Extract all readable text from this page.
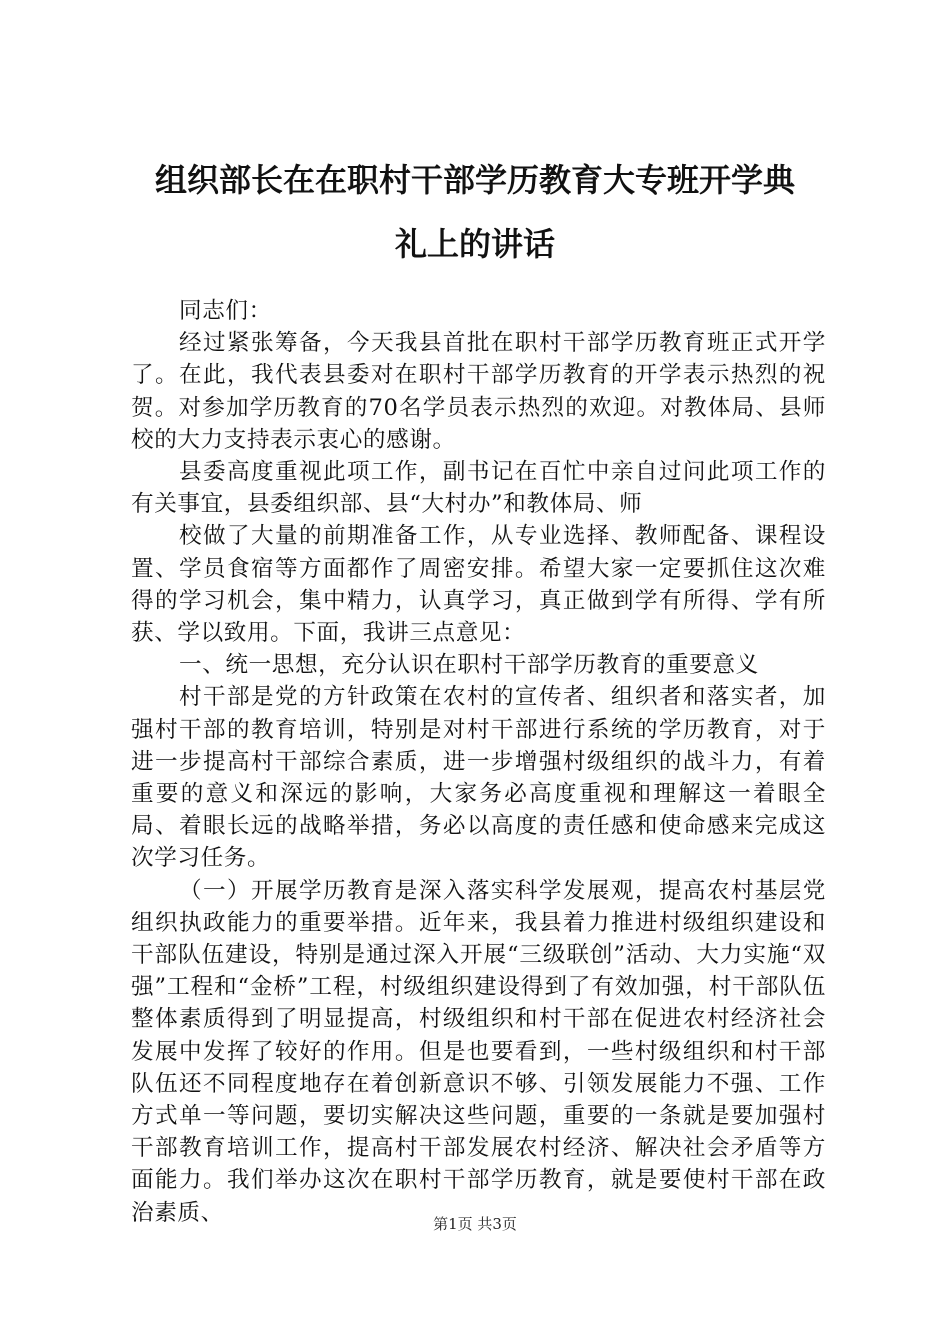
组织部长在在职村干部学历教育大专班开学典
礼上的讲话

同志们：

经过紧张筹备，今天我县首批在职村干部学历教育班正式开学了。在此，我代表县委对在职村干部学历教育的开学表示热烈的祝贺。对参加学历教育的70名学员表示热烈的欢迎。对教体局、县师校的大力支持表示衷心的感谢。

县委高度重视此项工作，副书记在百忙中亲自过问此项工作的有关事宜，县委组织部、县“大村办”和教体局、师

校做了大量的前期准备工作，从专业选择、教师配备、课程设置、学员食宿等方面都作了周密安排。希望大家一定要抓住这次难得的学习机会，集中精力，认真学习，真正做到学有所得、学有所获、学以致用。下面，我讲三点意见：

一、统一思想，充分认识在职村干部学历教育的重要意义

村干部是党的方针政策在农村的宣传者、组织者和落实者，加强村干部的教育培训，特别是对村干部进行系统的学历教育，对于进一步提高村干部综合素质，进一步增强村级组织的战斗力，有着重要的意义和深远的影响，大家务必高度重视和理解这一着眼全局、着眼长远的战略举措，务必以高度的责任感和使命感来完成这次学习任务。

（一）开展学历教育是深入落实科学发展观，提高农村基层党组织执政能力的重要举措。近年来，我县着力推进村级组织建设和干部队伍建设，特别是通过深入开展“三级联创”活动、大力实施“双强”工程和“金桥”工程，村级组织建设得到了有效加强，村干部队伍整体素质得到了明显提高，村级组织和村干部在促进农村经济社会发展中发挥了较好的作用。但是也要看到，一些村级组织和村干部队伍还不同程度地存在着创新意识不够、引领发展能力不强、工作方式单一等问题，要切实解决这些问题，重要的一条就是要加强村干部教育培训工作，提高村干部发展农村经济、解决社会矛盾等方面能力。我们举办这次在职村干部学历教育，就是要使村干部在政治素质、	第1页 共3页
